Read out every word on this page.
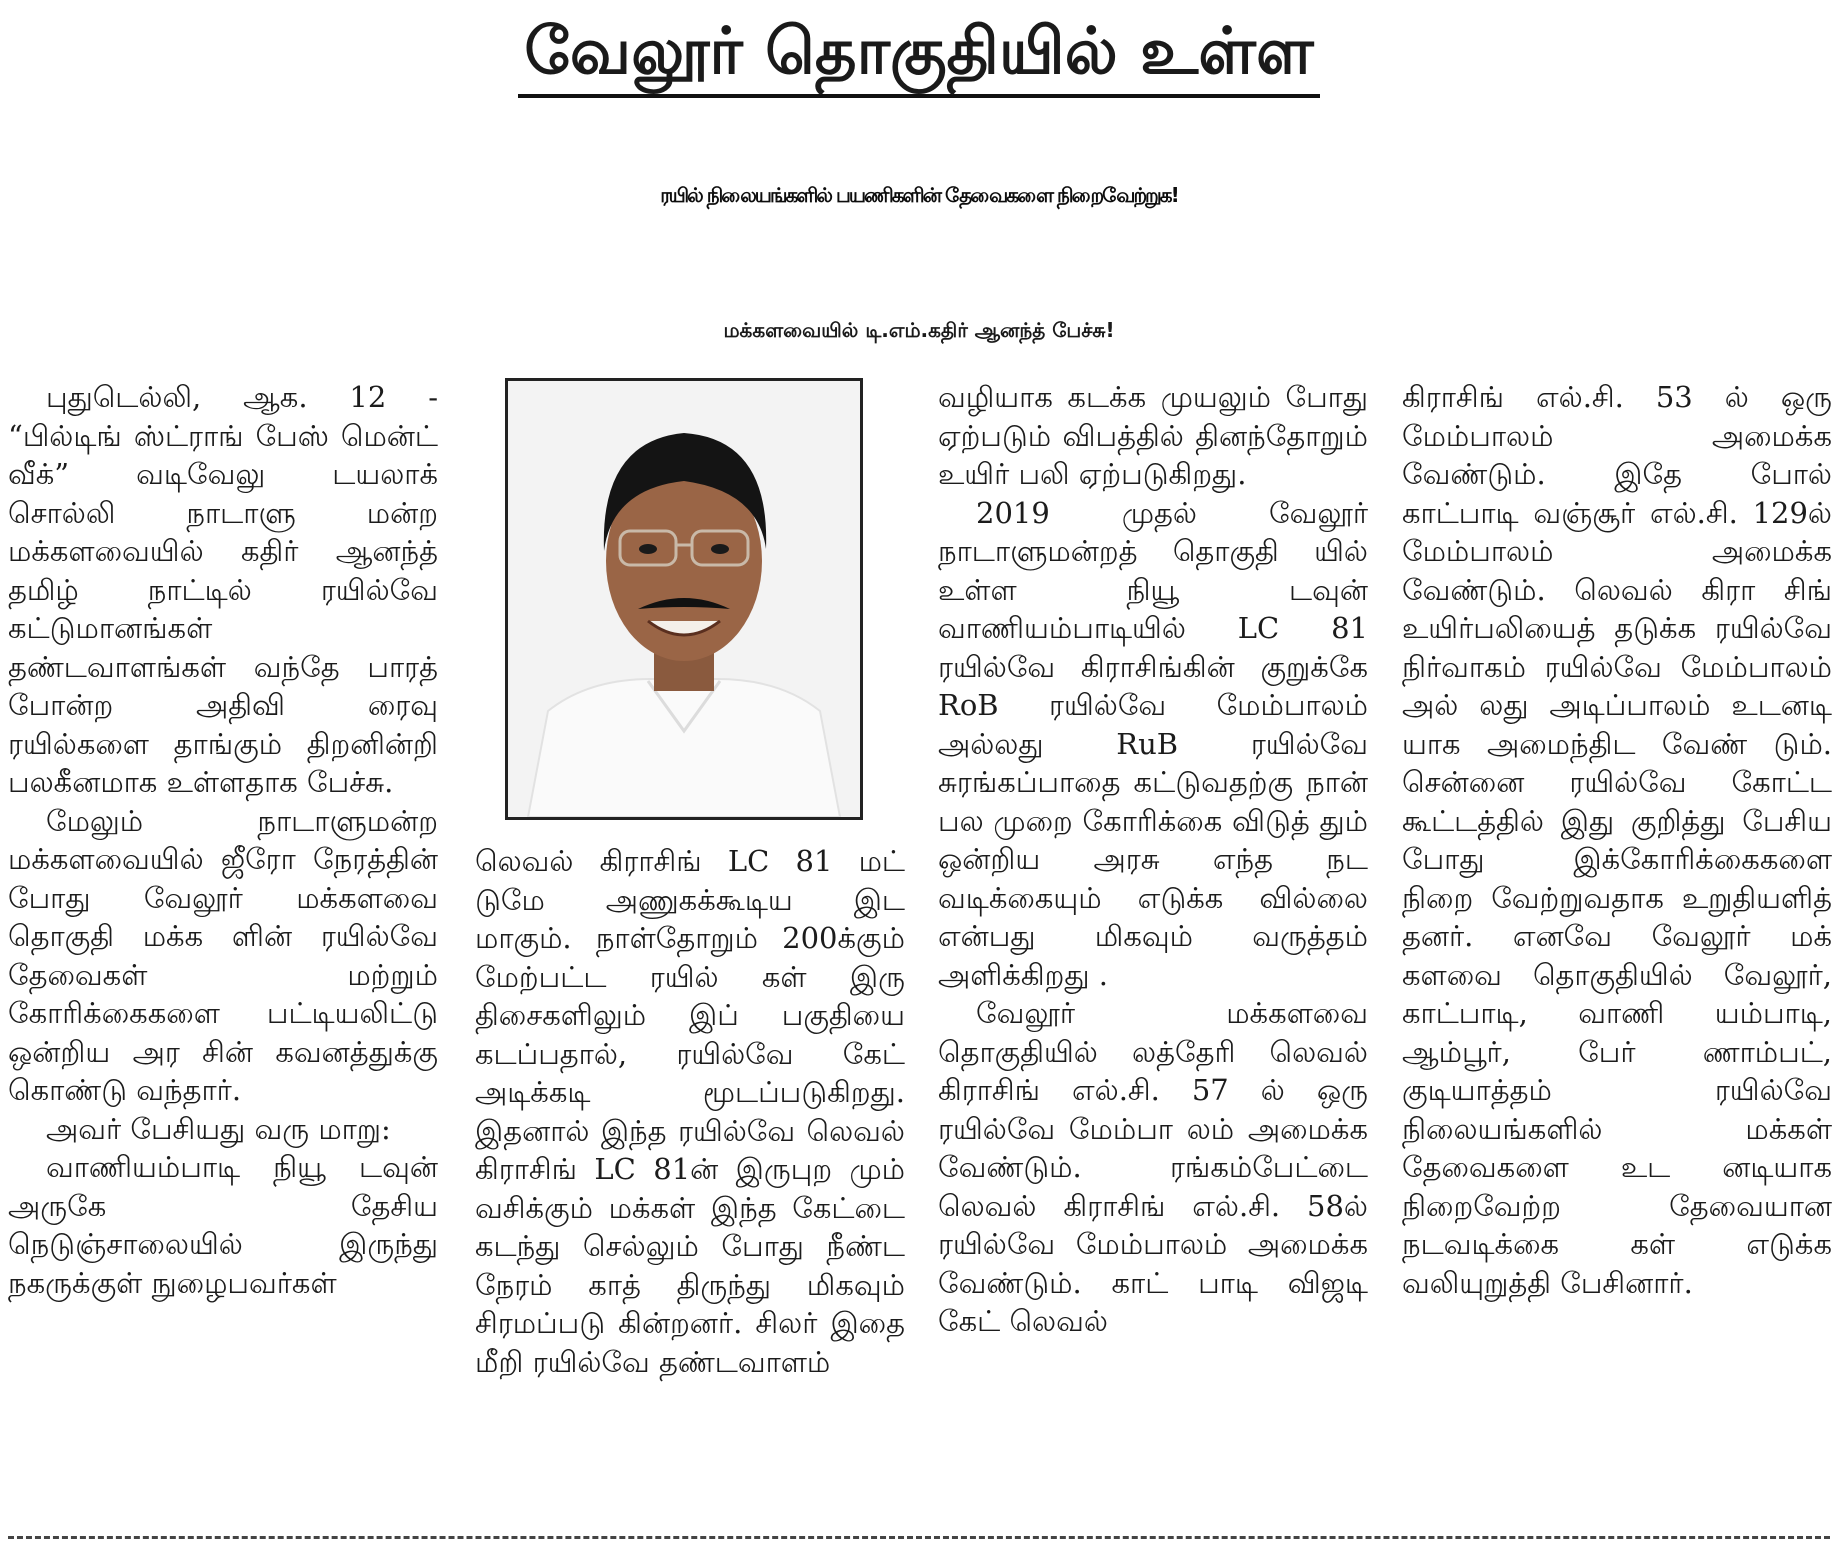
வேலூர் தொகுதியில் உள்ள
ரயில் நிலையங்களில் பயணிகளின் தேவைகளை நிறைவேற்றுக!
மக்களவையில் டி.எம்.கதிர் ஆனந்த் பேச்சு!

புதுடெல்லி, ஆக. 12 - “பில்டிங் ஸ்ட்ராங் பேஸ் மென்ட் வீக்” வடிவேலு டயலாக் சொல்லி நாடாளு மன்ற மக்களவையில் கதிர் ஆனந்த் தமிழ் நாட்டில் ரயில்வே கட்டுமானங்கள் தண்டவாளங்கள் வந்தே பாரத் போன்ற அதிவி ரைவு ரயில்களை தாங்கும் திறனின்றி பலகீனமாக உள்ளதாக பேச்சு.

மேலும் நாடாளுமன்ற மக்களவையில் ஜீரோ நேரத்தின் போது வேலூர் மக்களவை தொகுதி மக்க ளின் ரயில்வே தேவைகள் மற்றும் கோரிக்கைகளை பட்டியலிட்டு ஒன்றிய அர சின் கவனத்துக்கு கொண்டு வந்தார்.

அவர் பேசியது வரு மாறு:

வாணியம்பாடி நியூ டவுன் அருகே தேசிய நெடுஞ்சாலையில் இருந்து நகருக்குள் நுழைபவர்கள்

லெவல் கிராசிங் LC 81 மட் டுமே அணுகக்கூடிய இட மாகும். நாள்தோறும் 200க்கும் மேற்பட்ட ரயில் கள் இரு திசைகளிலும் இப் பகுதியை கடப்பதால், ரயில்வே கேட் அடிக்கடி மூடப்படுகிறது. இதனால் இந்த ரயில்வே லெவல் கிராசிங் LC 81ன் இருபுற மும் வசிக்கும் மக்கள் இந்த கேட்டை கடந்து செல்லும் போது நீண்ட நேரம் காத் திருந்து மிகவும் சிரமப்படு கின்றனர். சிலர் இதை மீறி ரயில்வே தண்டவாளம்

வழியாக கடக்க முயலும் போது ஏற்படும் விபத்தில் தினந்தோறும் உயிர் பலி ஏற்படுகிறது.

2019 முதல் வேலூர் நாடாளுமன்றத் தொகுதி யில் உள்ள நியூ டவுன் வாணியம்பாடியில் LC 81 ரயில்வே கிராசிங்கின் குறுக்கே RoB ரயில்வே மேம்பாலம் அல்லது RuB ரயில்வே சுரங்கப்பாதை கட்டுவதற்கு நான் பல முறை கோரிக்கை விடுத் தும் ஒன்றிய அரசு எந்த நட வடிக்கையும் எடுக்க வில்லை என்பது மிகவும் வருத்தம் அளிக்கிறது .

வேலூர் மக்களவை தொகுதியில் லத்தேரி லெவல் கிராசிங் எல்.சி. 57 ல் ஒரு ரயில்வே மேம்பா லம் அமைக்க வேண்டும். ரங்கம்பேட்டை லெவல் கிராசிங் எல்.சி. 58ல் ரயில்வே மேம்பாலம் அமைக்க வேண்டும். காட் பாடி விஜடி கேட் லெவல்

கிராசிங் எல்.சி. 53 ல் ஒரு மேம்பாலம் அமைக்க வேண்டும். இதே போல் காட்பாடி வஞ்சூர் எல்.சி. 129ல் மேம்பாலம் அமைக்க வேண்டும். லெவல் கிரா சிங் உயிர்பலியைத் தடுக்க ரயில்வே நிர்வாகம் ரயில்வே மேம்பாலம் அல் லது அடிப்பாலம் உடனடி யாக அமைந்திட வேண் டும். சென்னை ரயில்வே கோட்ட கூட்டத்தில் இது குறித்து பேசிய போது இக்கோரிக்கைகளை நிறை வேற்றுவதாக உறுதியளித் தனர். எனவே வேலூர் மக் களவை தொகுதியில் வேலூர், காட்பாடி, வாணி யம்பாடி, ஆம்பூர், பேர் ணாம்பட், குடியாத்தம் ரயில்வே நிலையங்களில் மக்கள் தேவைகளை உட னடியாக நிறைவேற்ற தேவையான நடவடிக்கை கள் எடுக்க வலியுறுத்தி பேசினார்.
